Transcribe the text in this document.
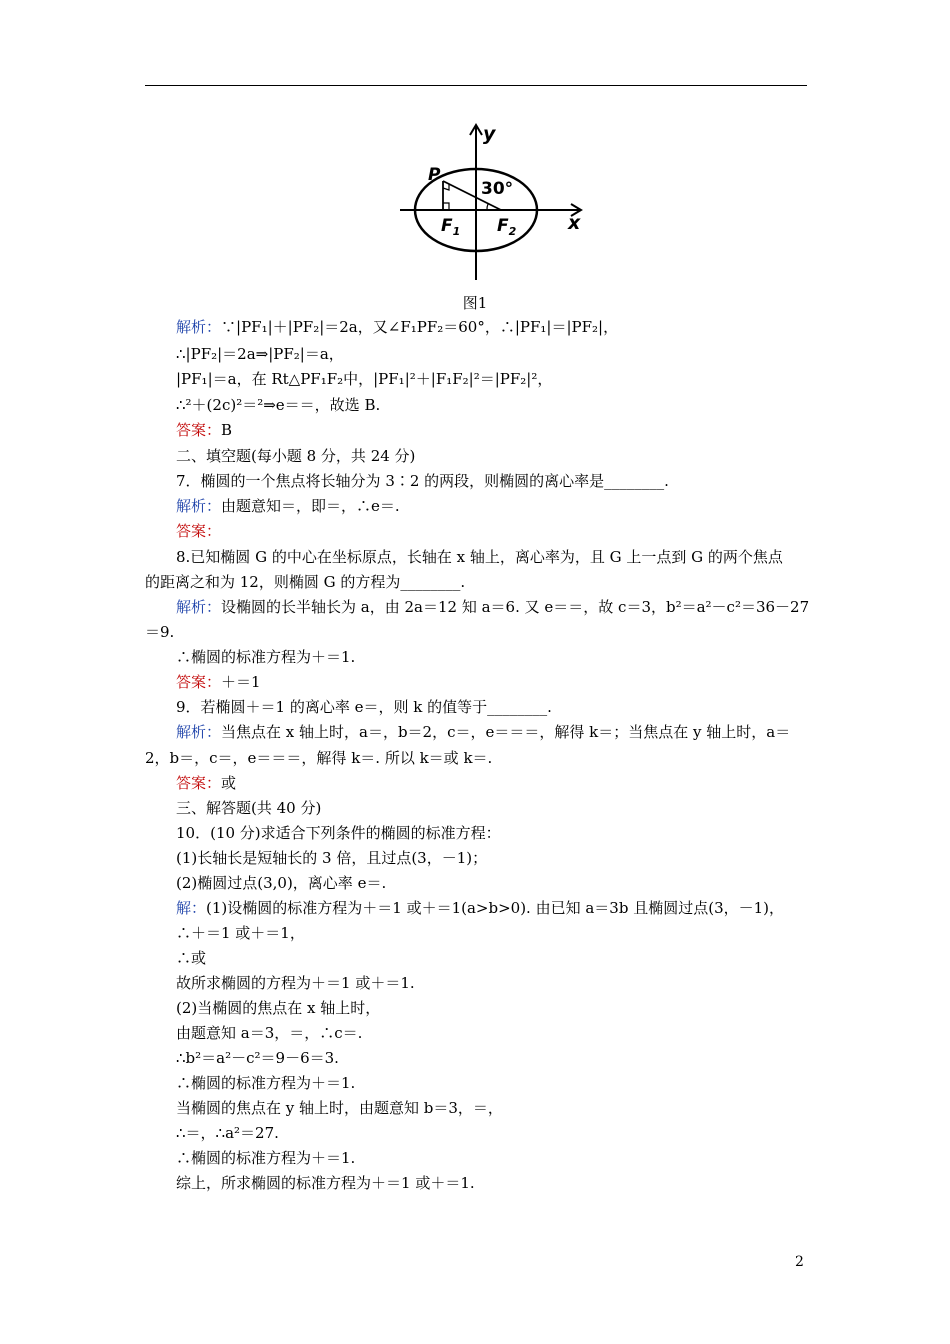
y
x
P
30°
$F_1$ $F_2$
图1
解析：∵|PF₁|＋|PF₂|＝2a，又∠F₁PF₂＝60°，∴|PF₁|＝|PF₂|，
∴|PF₂|＝2a⇒|PF₂|＝a，
|PF₁|＝a，在 Rt△PF₁F₂中，|PF₁|²＋|F₁F₂|²＝|PF₂|²，
∴²＋(2c)²＝²⇒e＝＝，故选 B.
答案：B
二、填空题(每小题 8 分，共 24 分)
7．椭圆的一个焦点将长轴分为 3∶2 的两段，则椭圆的离心率是________.
解析：由题意知＝，即＝，∴e＝.
答案：
8.已知椭圆 G 的中心在坐标原点，长轴在 x 轴上，离心率为，且 G 上一点到 G 的两个焦点
的距离之和为 12，则椭圆 G 的方程为________.
解析：设椭圆的长半轴长为 a，由 2a＝12 知 a＝6. 又 e＝＝，故 c＝3，b²＝a²－c²＝36－27
＝9.
∴椭圆的标准方程为＋＝1.
答案：＋＝1
9．若椭圆＋＝1 的离心率 e＝，则 k 的值等于________.
解析：当焦点在 x 轴上时，a＝，b＝2，c＝，e＝＝＝，解得 k＝；当焦点在 y 轴上时，a＝
2，b＝，c＝，e＝＝＝，解得 k＝. 所以 k＝或 k＝.
答案：或
三、解答题(共 40 分)
10．(10 分)求适合下列条件的椭圆的标准方程：
(1)长轴长是短轴长的 3 倍，且过点(3，－1)；
(2)椭圆过点(3,0)，离心率 e＝.
解：(1)设椭圆的标准方程为＋＝1 或＋＝1(a>b>0). 由已知 a＝3b 且椭圆过点(3，－1)，
∴＋＝1 或＋＝1，
∴或
故所求椭圆的方程为＋＝1 或＋＝1.
(2)当椭圆的焦点在 x 轴上时，
由题意知 a＝3，＝，∴c＝.
∴b²＝a²－c²＝9－6＝3.
∴椭圆的标准方程为＋＝1.
当椭圆的焦点在 y 轴上时，由题意知 b＝3，＝，
∴＝，∴a²＝27.
∴椭圆的标准方程为＋＝1.
综上，所求椭圆的标准方程为＋＝1 或＋＝1.
2
